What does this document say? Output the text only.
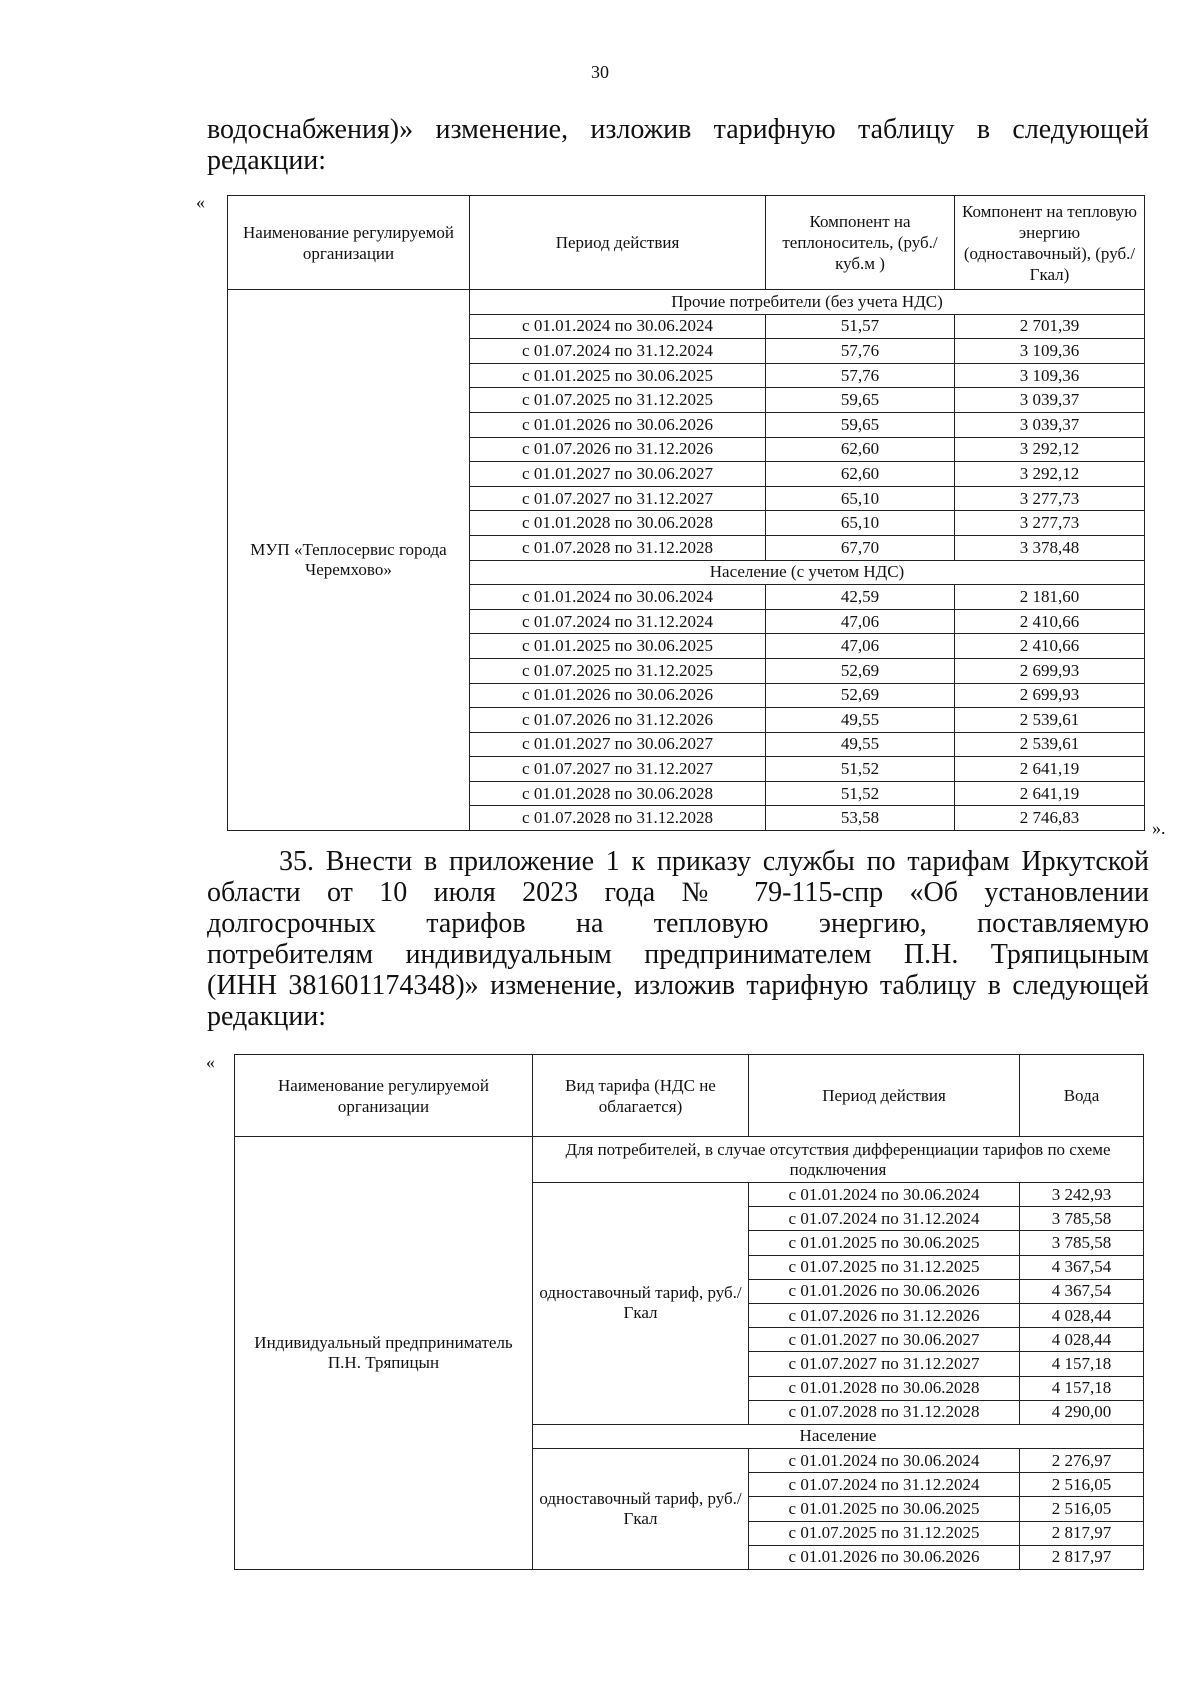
30
водоснабжения)» изменение, изложив тарифную таблицу в следующей
редакции:
«
Наименование регулируемой организации	Период действия	Компонент на теплоноситель, (руб./куб.м )	Компонент на тепловую энергию (одноставочный), (руб./Гкал)
МУП «Теплосервис города Черемхово»	Прочие потребители (без учета НДС)		
	с 01.01.2024 по 30.06.2024	51,57	2 701,39
	с 01.07.2024 по 31.12.2024	57,76	3 109,36
	с 01.01.2025 по 30.06.2025	57,76	3 109,36
	с 01.07.2025 по 31.12.2025	59,65	3 039,37
	с 01.01.2026 по 30.06.2026	59,65	3 039,37
	с 01.07.2026 по 31.12.2026	62,60	3 292,12
	с 01.01.2027 по 30.06.2027	62,60	3 292,12
	с 01.07.2027 по 31.12.2027	65,10	3 277,73
	с 01.01.2028 по 30.06.2028	65,10	3 277,73
	с 01.07.2028 по 31.12.2028	67,70	3 378,48
	Население (с учетом НДС)		
	с 01.01.2024 по 30.06.2024	42,59	2 181,60
	с 01.07.2024 по 31.12.2024	47,06	2 410,66
	с 01.01.2025 по 30.06.2025	47,06	2 410,66
	с 01.07.2025 по 31.12.2025	52,69	2 699,93
	с 01.01.2026 по 30.06.2026	52,69	2 699,93
	с 01.07.2026 по 31.12.2026	49,55	2 539,61
	с 01.01.2027 по 30.06.2027	49,55	2 539,61
	с 01.07.2027 по 31.12.2027	51,52	2 641,19
	с 01.01.2028 по 30.06.2028	51,52	2 641,19
	с 01.07.2028 по 31.12.2028	53,58	2 746,83
».
35. Внести в приложение 1 к приказу службы по тарифам Иркутской
области от 10 июля 2023 года № 79-115-спр «Об установлении
долгосрочных тарифов на тепловую энергию, поставляемую
потребителям индивидуальным предпринимателем П.Н. Тряпицыным
(ИНН 381601174348)» изменение, изложив тарифную таблицу в следующей
редакции:
«
Наименование регулируемой организации	Вид тарифа (НДС не облагается)	Период действия	Вода
Индивидуальный предприниматель П.Н. Тряпицын	Для потребителей, в случае отсутствия дифференциации тарифов по схеме подключения		
	одноставочный тариф, руб./Гкал	с 01.01.2024 по 30.06.2024	3 242,93
		с 01.07.2024 по 31.12.2024	3 785,58
		с 01.01.2025 по 30.06.2025	3 785,58
		с 01.07.2025 по 31.12.2025	4 367,54
		с 01.01.2026 по 30.06.2026	4 367,54
		с 01.07.2026 по 31.12.2026	4 028,44
		с 01.01.2027 по 30.06.2027	4 028,44
		с 01.07.2027 по 31.12.2027	4 157,18
		с 01.01.2028 по 30.06.2028	4 157,18
		с 01.07.2028 по 31.12.2028	4 290,00
	Население		
	одноставочный тариф, руб./Гкал	с 01.01.2024 по 30.06.2024	2 276,97
		с 01.07.2024 по 31.12.2024	2 516,05
		с 01.01.2025 по 30.06.2025	2 516,05
		с 01.07.2025 по 31.12.2025	2 817,97
		с 01.01.2026 по 30.06.2026	2 817,97
